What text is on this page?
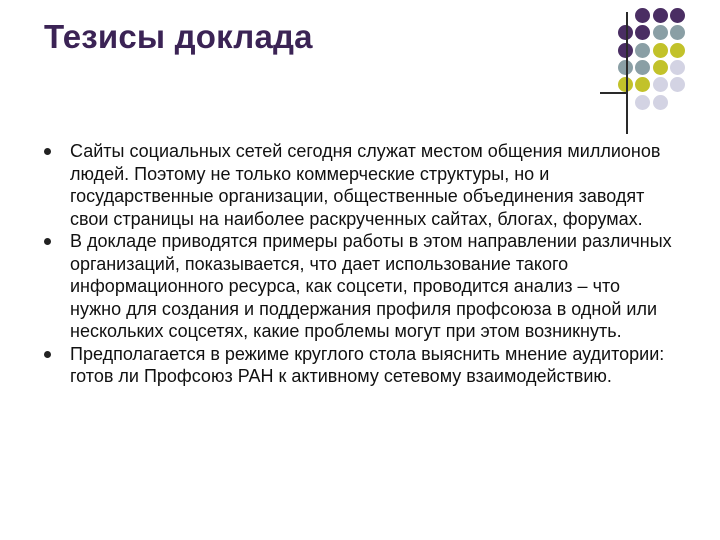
Тезисы доклада
Сайты социальных сетей сегодня служат местом общения миллионов людей. Поэтому не только коммерческие структуры, но и государственные организации, общественные объединения заводят свои страницы на наиболее раскрученных сайтах, блогах, форумах.
В докладе приводятся примеры работы в этом направлении различных организаций, показывается, что дает использование такого информационного ресурса, как соцсети, проводится анализ – что нужно для создания и поддержания профиля профсоюза в одной или нескольких соцсетях, какие проблемы могут при этом возникнуть.
Предполагается в режиме круглого стола выяснить мнение аудитории: готов ли Профсоюз РАН к активному сетевому взаимодействию.
